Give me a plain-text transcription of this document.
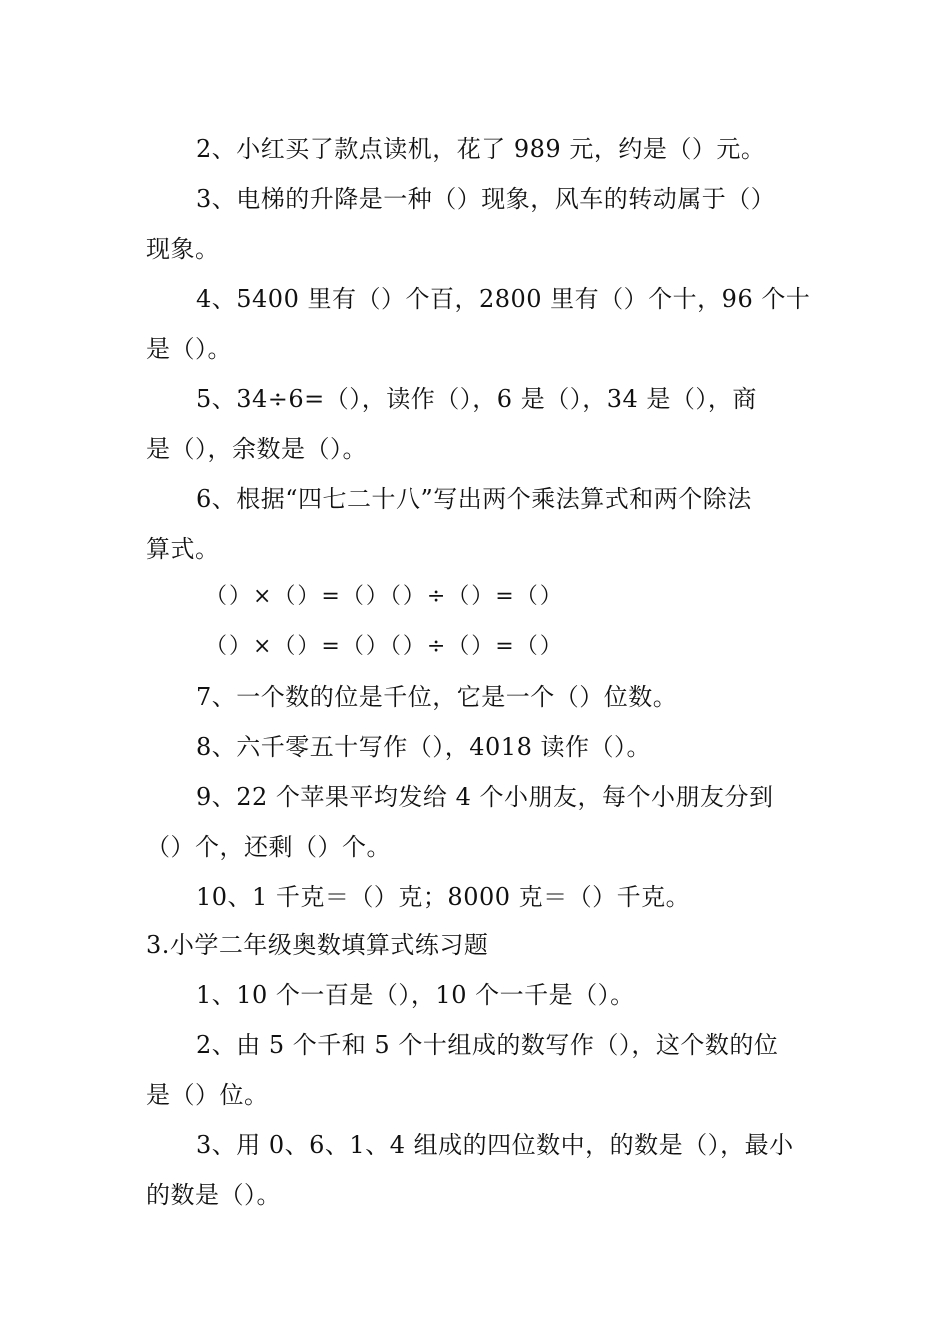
2、小红买了款点读机，花了 989 元，约是（）元。
3、电梯的升降是一种（）现象，风车的转动属于（）
现象。
4、5400 里有（）个百，2800 里有（）个十，96 个十
是（）。
5、34÷6=（），读作（），6 是（），34 是（），商
是（），余数是（）。
6、根据“四七二十八”写出两个乘法算式和两个除法
算式。
（）×（）=（）（）÷（）=（）
（）×（）=（）（）÷（）=（）
7、一个数的位是千位，它是一个（）位数。
8、六千零五十写作（），4018 读作（）。
9、22 个苹果平均发给 4 个小朋友，每个小朋友分到
（）个，还剩（）个。
10、1 千克＝（）克；8000 克＝（）千克。
3.小学二年级奥数填算式练习题
1、10 个一百是（），10 个一千是（）。
2、由 5 个千和 5 个十组成的数写作（），这个数的位
是（）位。
3、用 0、6、1、4 组成的四位数中，的数是（），最小
的数是（）。
